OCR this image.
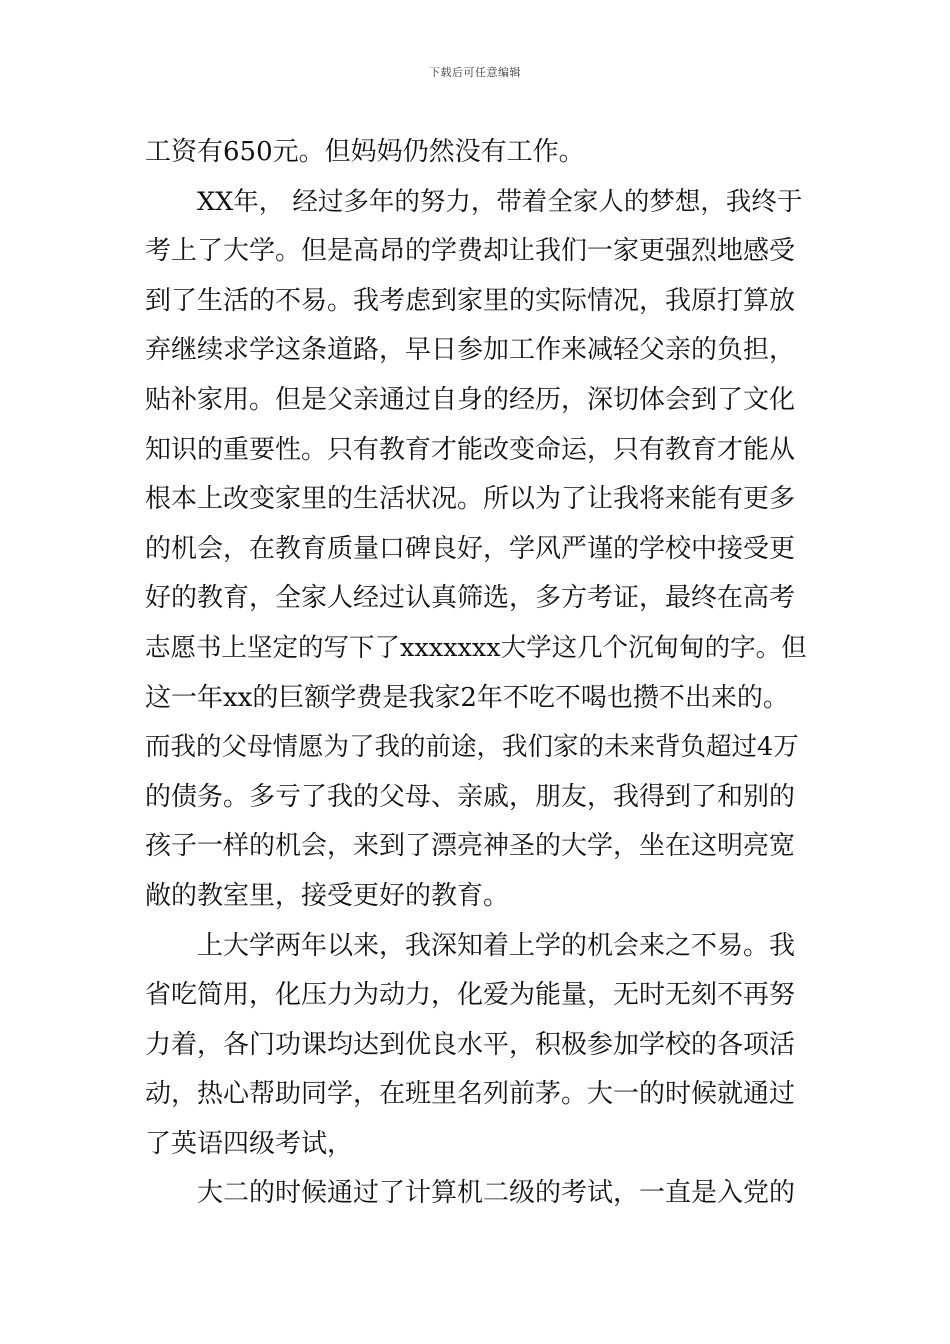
下载后可任意编辑
工资有650元。但妈妈仍然没有工作。
XX年， 经过多年的努力，带着全家人的梦想，我终于
考上了大学。但是高昂的学费却让我们一家更强烈地感受
到了生活的不易。我考虑到家里的实际情况，我原打算放
弃继续求学这条道路，早日参加工作来减轻父亲的负担，
贴补家用。但是父亲通过自身的经历，深切体会到了文化
知识的重要性。只有教育才能改变命运，只有教育才能从
根本上改变家里的生活状况。所以为了让我将来能有更多
的机会，在教育质量口碑良好，学风严谨的学校中接受更
好的教育，全家人经过认真筛选，多方考证，最终在高考
志愿书上坚定的写下了xxxxxxx大学这几个沉甸甸的字。但
这一年xx的巨额学费是我家2年不吃不喝也攒不出来的。
而我的父母情愿为了我的前途，我们家的未来背负超过4万
的债务。多亏了我的父母、亲戚，朋友，我得到了和别的
孩子一样的机会，来到了漂亮神圣的大学，坐在这明亮宽
敞的教室里，接受更好的教育。
上大学两年以来，我深知着上学的机会来之不易。我
省吃简用，化压力为动力，化爱为能量，无时无刻不再努
力着，各门功课均达到优良水平，积极参加学校的各项活
动，热心帮助同学，在班里名列前茅。大一的时候就通过
了英语四级考试，
大二的时候通过了计算机二级的考试，一直是入党的
